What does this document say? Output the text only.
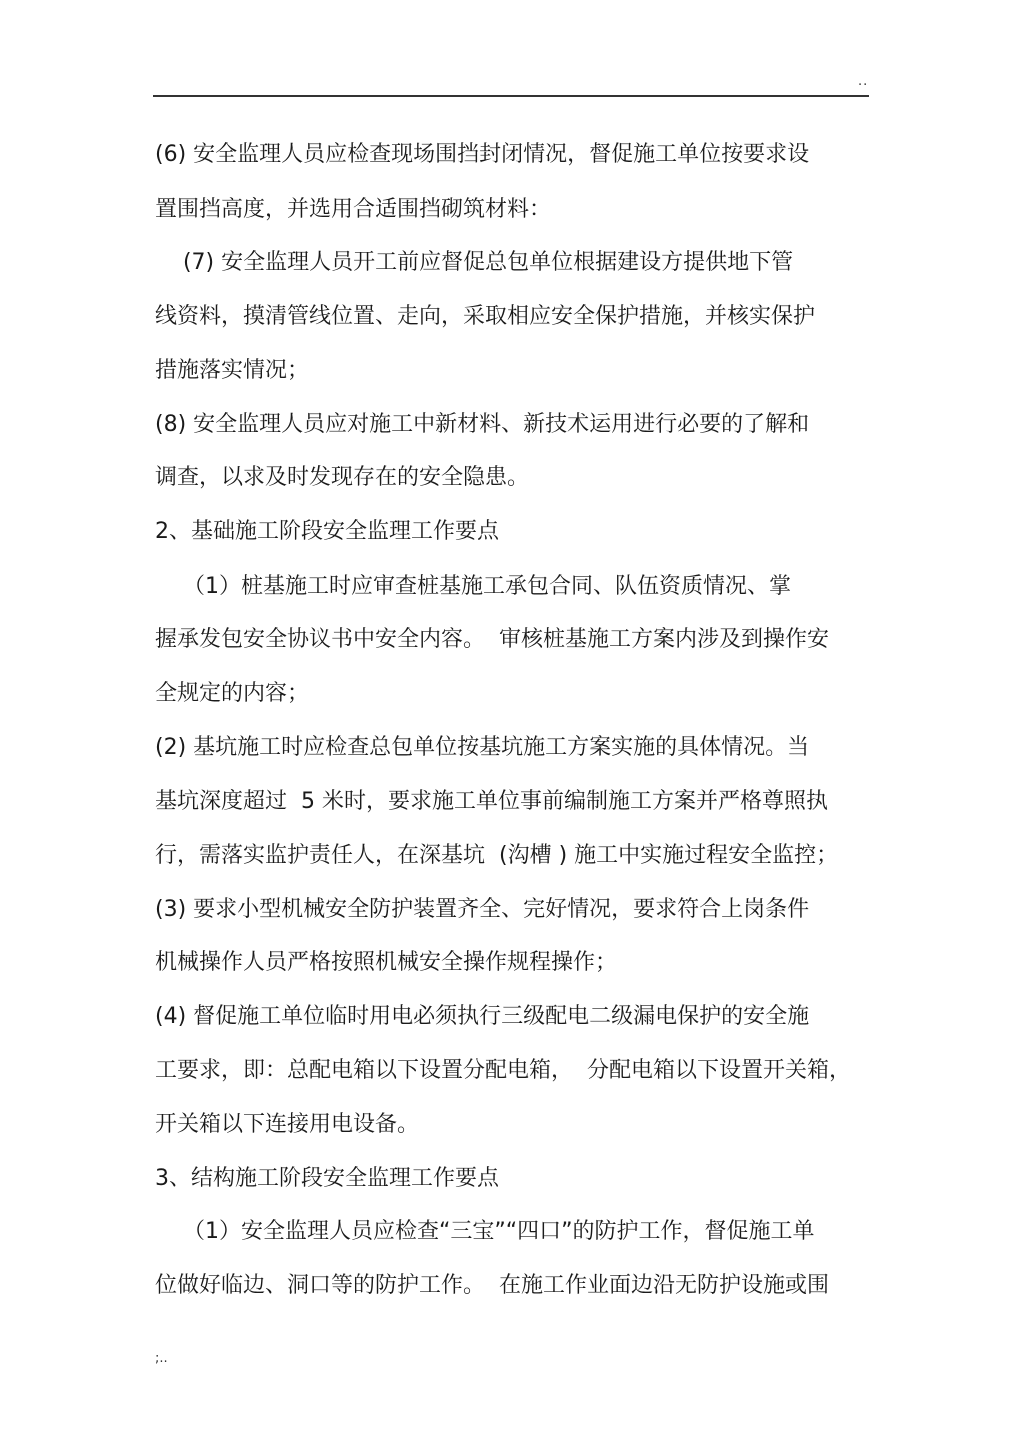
..
(6) 安全监理人员应检查现场围挡封闭情况，督促施工单位按要求设
置围挡高度，并选用合适围挡砌筑材料：
(7) 安全监理人员开工前应督促总包单位根据建设方提供地下管
线资料，摸清管线位置、走向，采取相应安全保护措施，并核实保护
措施落实情况；
(8) 安全监理人员应对施工中新材料、新技术运用进行必要的了解和
调查，以求及时发现存在的安全隐患。
2、基础施工阶段安全监理工作要点
（1）桩基施工时应审查桩基施工承包合同、队伍资质情况、掌
握承发包安全协议书中安全内容。  审核桩基施工方案内涉及到操作安
全规定的内容；
(2) 基坑施工时应检查总包单位按基坑施工方案实施的具体情况。当
基坑深度超过  5 米时，要求施工单位事前编制施工方案并严格尊照执
行，需落实监护责任人，在深基坑  (沟槽 ) 施工中实施过程安全监控；
(3) 要求小型机械安全防护装置齐全、完好情况，要求符合上岗条件
机械操作人员严格按照机械安全操作规程操作；
(4) 督促施工单位临时用电必须执行三级配电二级漏电保护的安全施
工要求，即：总配电箱以下设置分配电箱，  分配电箱以下设置开关箱，
开关箱以下连接用电设备。
3、结构施工阶段安全监理工作要点
（1）安全监理人员应检查“三宝”“四口”的防护工作，督促施工单
位做好临边、洞口等的防护工作。  在施工作业面边沿无防护设施或围
;..
